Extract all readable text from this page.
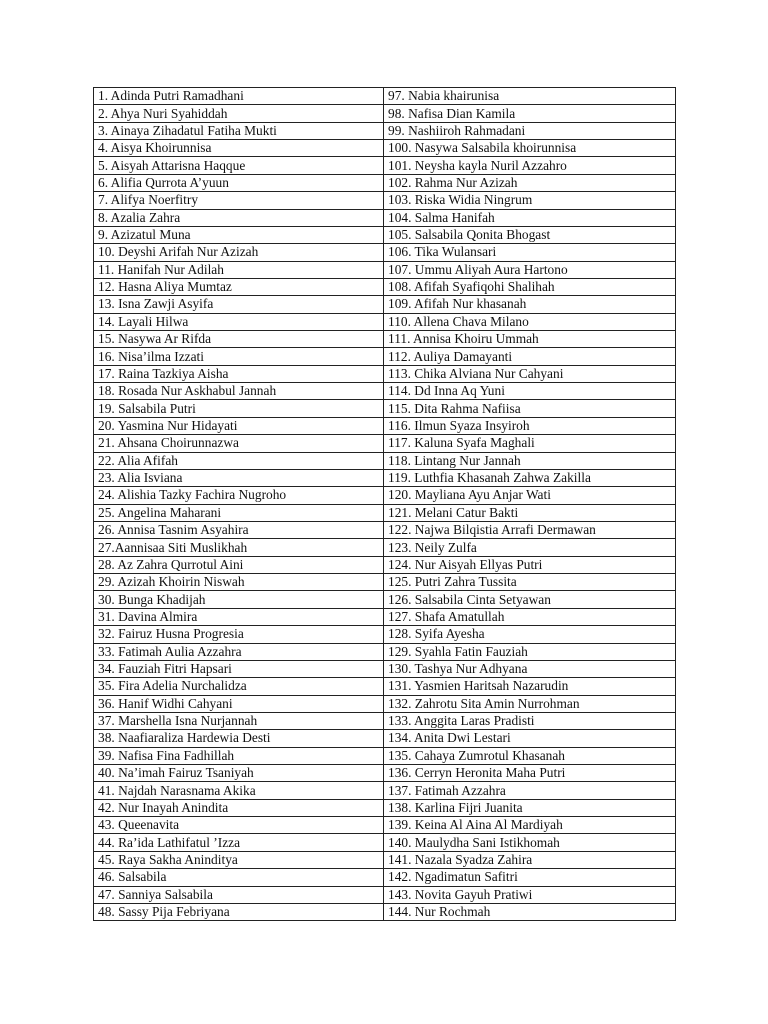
1. Adinda Putri Ramadhani	97. Nabia khairunisa
2. Ahya Nuri Syahiddah	98. Nafisa Dian Kamila
3. Ainaya Zihadatul Fatiha Mukti	99. Nashiiroh Rahmadani
4. Aisya Khoirunnisa	100. Nasywa Salsabila khoirunnisa
5. Aisyah Attarisna Haqque	101. Neysha kayla Nuril Azzahro
6. Alifia Qurrota A’yuun	102. Rahma Nur Azizah
7. Alifya Noerfitry	103. Riska Widia Ningrum
8. Azalia Zahra	104. Salma Hanifah
9. Azizatul Muna	105. Salsabila Qonita Bhogast
10. Deyshi Arifah Nur Azizah	106. Tika Wulansari
11. Hanifah Nur Adilah	107. Ummu Aliyah Aura Hartono
12. Hasna Aliya Mumtaz	108. Afifah Syafiqohi Shalihah
13. Isna Zawji Asyifa	109. Afifah Nur khasanah
14. Layali Hilwa	110. Allena Chava Milano
15. Nasywa Ar Rifda	111. Annisa Khoiru Ummah
16. Nisa’ilma Izzati	112. Auliya Damayanti
17. Raina Tazkiya Aisha	113. Chika Alviana Nur Cahyani
18. Rosada Nur Askhabul Jannah	114. Dd Inna Aq Yuni
19. Salsabila Putri	115. Dita Rahma Nafiisa
20. Yasmina Nur Hidayati	116. Ilmun Syaza Insyiroh
21. Ahsana Choirunnazwa	117. Kaluna Syafa Maghali
22. Alia Afifah	118. Lintang Nur Jannah
23. Alia Isviana	119. Luthfia Khasanah Zahwa Zakilla
24. Alishia Tazky Fachira Nugroho	120. Mayliana Ayu Anjar Wati
25. Angelina Maharani	121. Melani Catur Bakti
26. Annisa Tasnim Asyahira	122. Najwa Bilqistia Arrafi Dermawan
27.Aannisaa Siti Muslikhah	123. Neily Zulfa
28. Az Zahra Qurrotul Aini	124. Nur Aisyah Ellyas Putri
29. Azizah Khoirin Niswah	125. Putri Zahra Tussita
30. Bunga Khadijah	126. Salsabila Cinta Setyawan
31. Davina Almira	127. Shafa Amatullah
32. Fairuz Husna Progresia	128. Syifa Ayesha
33. Fatimah Aulia Azzahra	129. Syahla Fatin Fauziah
34. Fauziah Fitri Hapsari	130. Tashya Nur Adhyana
35. Fira Adelia Nurchalidza	131. Yasmien Haritsah Nazarudin
36. Hanif Widhi Cahyani	132. Zahrotu Sita Amin Nurrohman
37. Marshella Isna Nurjannah	133. Anggita Laras Pradisti
38. Naafiaraliza Hardewia Desti	134. Anita Dwi Lestari
39. Nafisa Fina Fadhillah	135. Cahaya Zumrotul Khasanah
40. Na’imah Fairuz Tsaniyah	136. Cerryn Heronita Maha Putri
41. Najdah Narasnama Akika	137. Fatimah Azzahra
42. Nur Inayah Anindita	138. Karlina Fijri Juanita
43. Queenavita	139. Keina Al Aina Al Mardiyah
44. Ra’ida Lathifatul ’Izza	140. Maulydha Sani Istikhomah
45. Raya Sakha Aninditya	141. Nazala Syadza Zahira
46. Salsabila	142. Ngadimatun Safitri
47. Sanniya Salsabila	143. Novita Gayuh Pratiwi
48. Sassy Pija Febriyana	144. Nur Rochmah
